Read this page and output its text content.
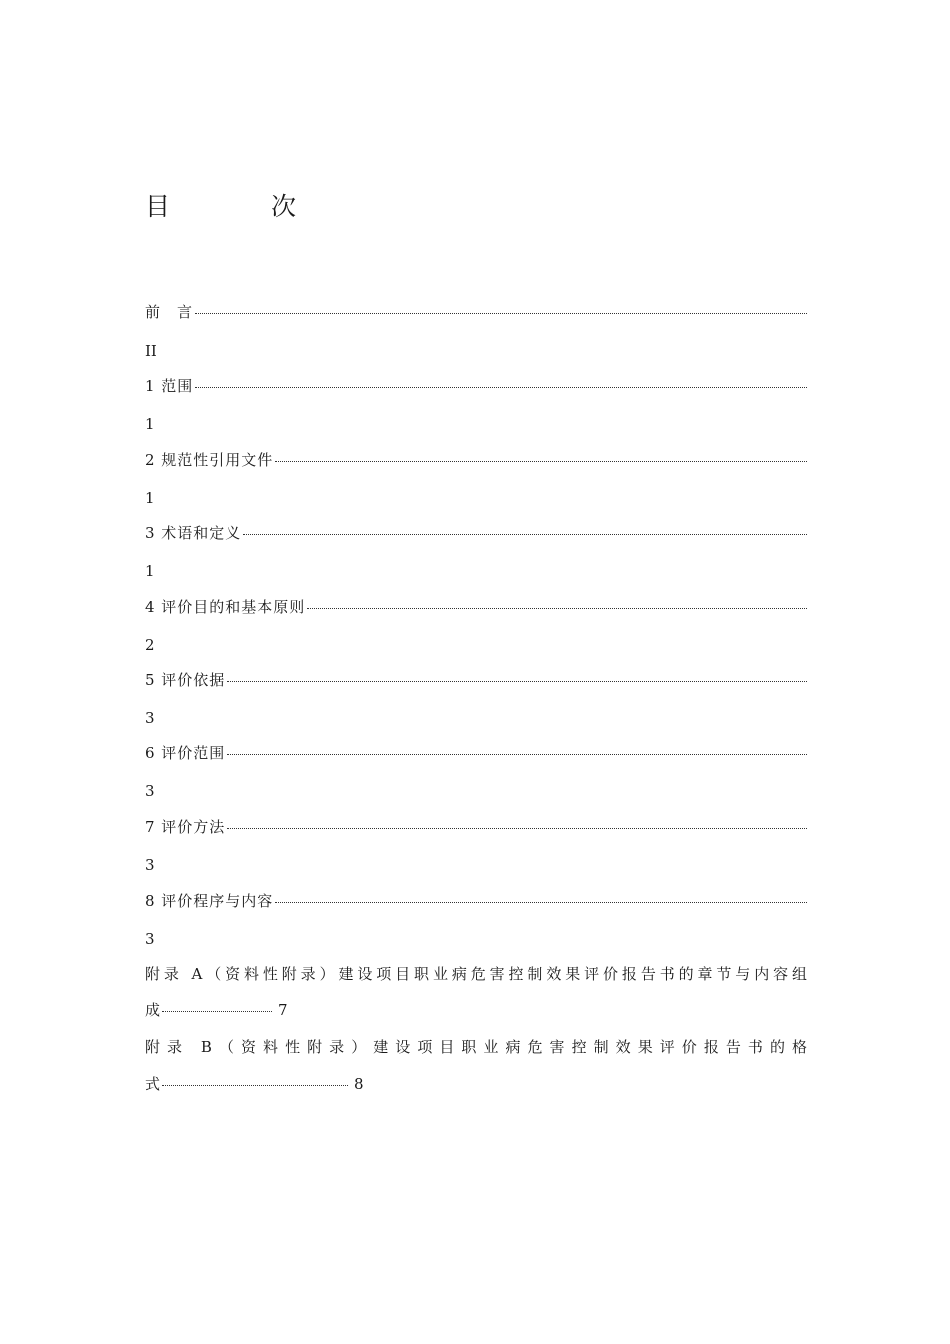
目　次
前　言
II
1 范围
1
2 规范性引用文件
1
3 术语和定义
1
4 评价目的和基本原则
2
5 评价依据
3
6 评价范围
3
7 评价方法
3
8 评价程序与内容
3
附录 A（资料性附录）建设项目职业病危害控制效果评价报告书的章节与内容组
成	7
附录 B（资料性附录）建设项目职业病危害控制效果评价报告书的格
式	8
